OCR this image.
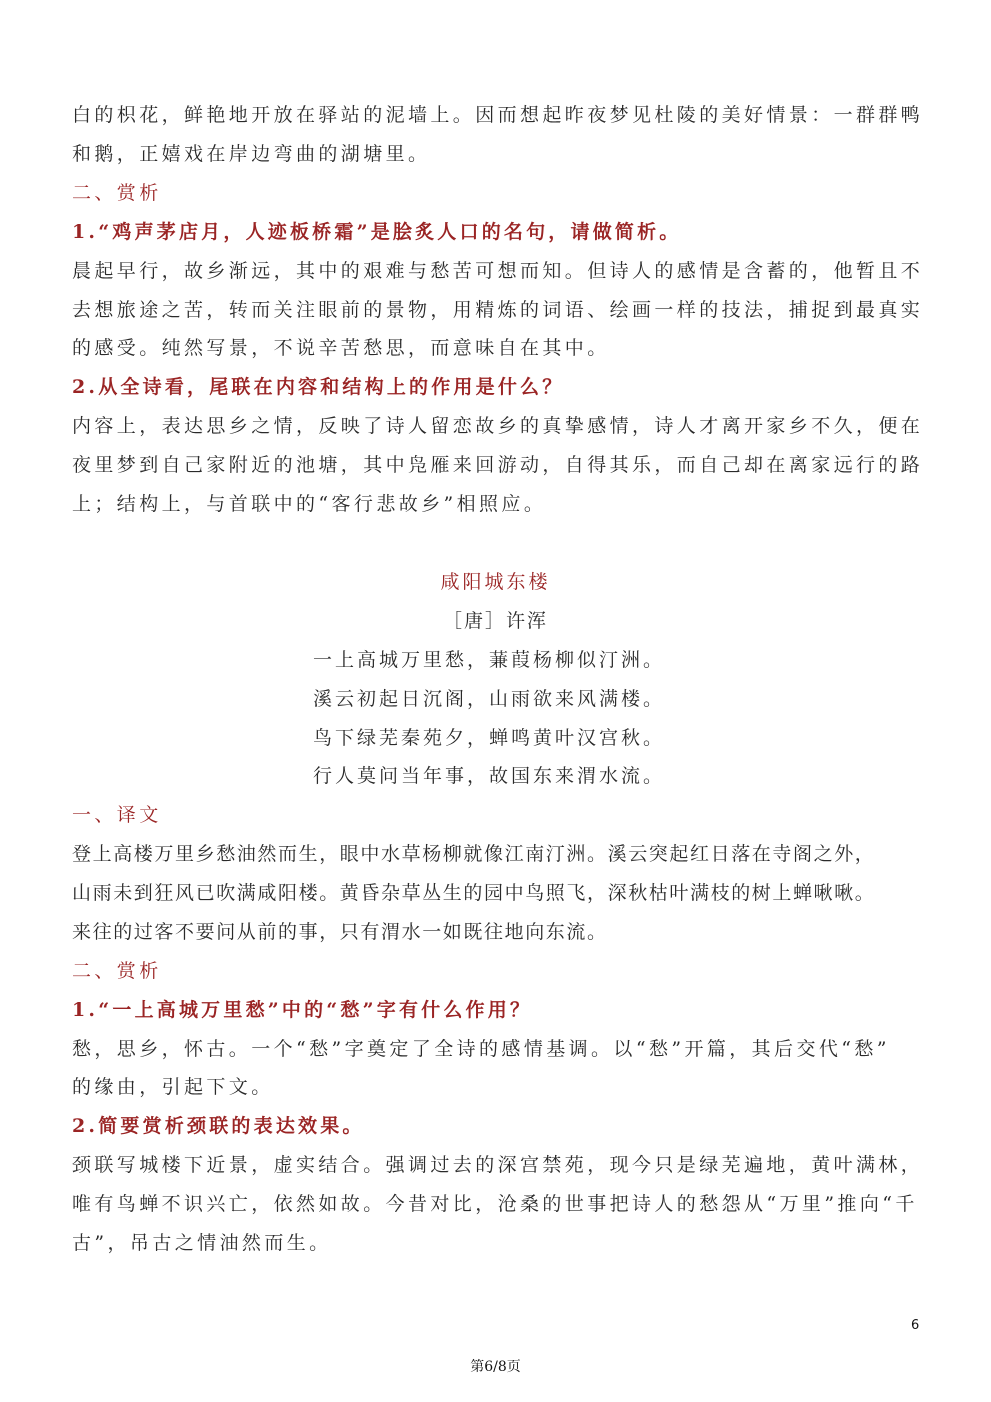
白的枳花，鲜艳地开放在驿站的泥墙上。因而想起昨夜梦见杜陵的美好情景：一群群鸭
和鹅，正嬉戏在岸边弯曲的湖塘里。
二、赏析
1.“鸡声茅店月，人迹板桥霜”是脍炙人口的名句，请做简析。
晨起早行，故乡渐远，其中的艰难与愁苦可想而知。但诗人的感情是含蓄的，他暂且不
去想旅途之苦，转而关注眼前的景物，用精炼的词语、绘画一样的技法，捕捉到最真实
的感受。纯然写景，不说辛苦愁思，而意味自在其中。
2.从全诗看，尾联在内容和结构上的作用是什么？
内容上，表达思乡之情，反映了诗人留恋故乡的真挚感情，诗人才离开家乡不久，便在
夜里梦到自己家附近的池塘，其中凫雁来回游动，自得其乐，而自己却在离家远行的路
上；结构上，与首联中的“客行悲故乡”相照应。
咸阳城东楼
［唐］许浑
一上高城万里愁，蒹葭杨柳似汀洲。
溪云初起日沉阁，山雨欲来风满楼。
鸟下绿芜秦苑夕，蝉鸣黄叶汉宫秋。
行人莫问当年事，故国东来渭水流。
一、译文
登上高楼万里乡愁油然而生，眼中水草杨柳就像江南汀洲。溪云突起红日落在寺阁之外，
山雨未到狂风已吹满咸阳楼。黄昏杂草丛生的园中鸟照飞，深秋枯叶满枝的树上蝉啾啾。
来往的过客不要问从前的事，只有渭水一如既往地向东流。
二、赏析
1.“一上高城万里愁”中的“愁”字有什么作用？
愁，思乡，怀古。一个“愁”字奠定了全诗的感情基调。以“愁”开篇，其后交代“愁”
的缘由，引起下文。
2.简要赏析颈联的表达效果。
颈联写城楼下近景，虚实结合。强调过去的深宫禁苑，现今只是绿芜遍地，黄叶满林，
唯有鸟蝉不识兴亡，依然如故。今昔对比，沧桑的世事把诗人的愁怨从“万里”推向“千
古”，吊古之情油然而生。
6
第6/8页
